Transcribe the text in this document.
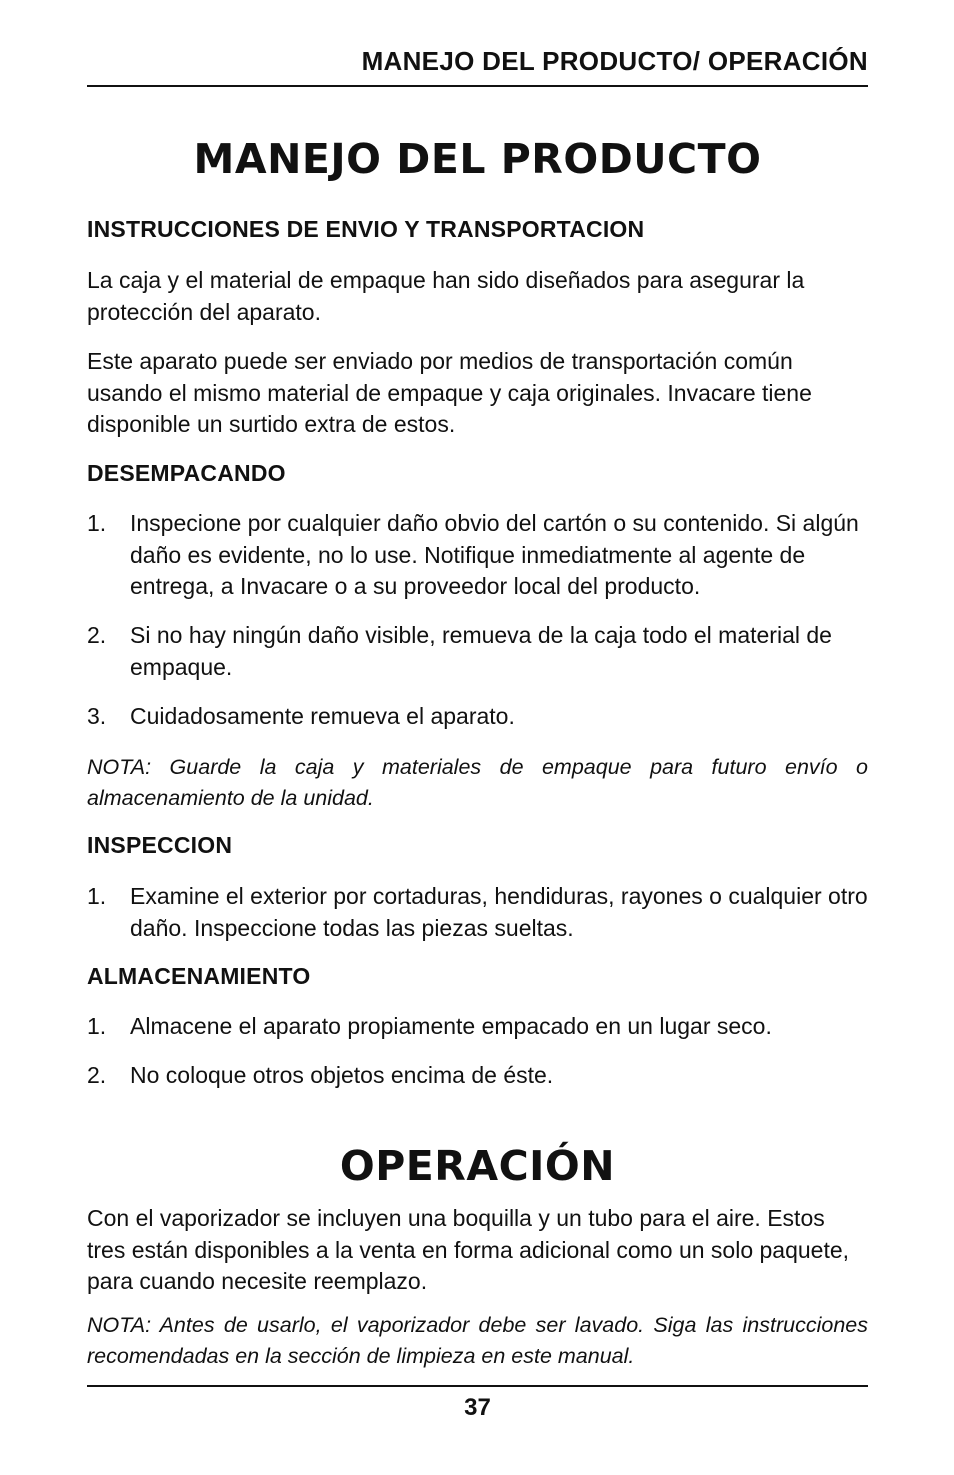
MANEJO DEL PRODUCTO/ OPERACIÓN
MANEJO DEL PRODUCTO
INSTRUCCIONES DE ENVIO Y TRANSPORTACION

La caja y el material de empaque han sido diseñados para asegurar la protección del aparato.

Este aparato puede ser enviado por medios de transportación común usando el mismo material de empaque y caja originales. Invacare tiene disponible un surtido extra de estos.

DESEMPACANDO
1.	Inspecione por cualquier daño obvio del cartón o su contenido. Si algún daño es evidente, no lo use. Notifique inmediatmente al agente de entrega, a Invacare o a su proveedor local del producto.
2.	Si no hay ningún daño visible, remueva de la caja todo el material de empaque.
3.	Cuidadosamente remueva el aparato.

NOTA: Guarde la caja y materiales de empaque para futuro envío o almacenamiento de la unidad.

INSPECCION
1.	Examine el exterior por cortaduras, hendiduras, rayones o cualquier otro daño. Inspeccione todas las piezas sueltas.
ALMACENAMIENTO
1.	Almacene el aparato propiamente empacado en un lugar seco.
2.	No coloque otros objetos encima de éste.
OPERACIÓN

Con el vaporizador se incluyen una boquilla y un tubo para el aire. Estos tres están disponibles a la venta en forma adicional como un solo paquete, para cuando necesite reemplazo.

NOTA: Antes de usarlo, el vaporizador debe ser lavado. Siga las instrucciones recomendadas en la sección de limpieza en este manual.

37
